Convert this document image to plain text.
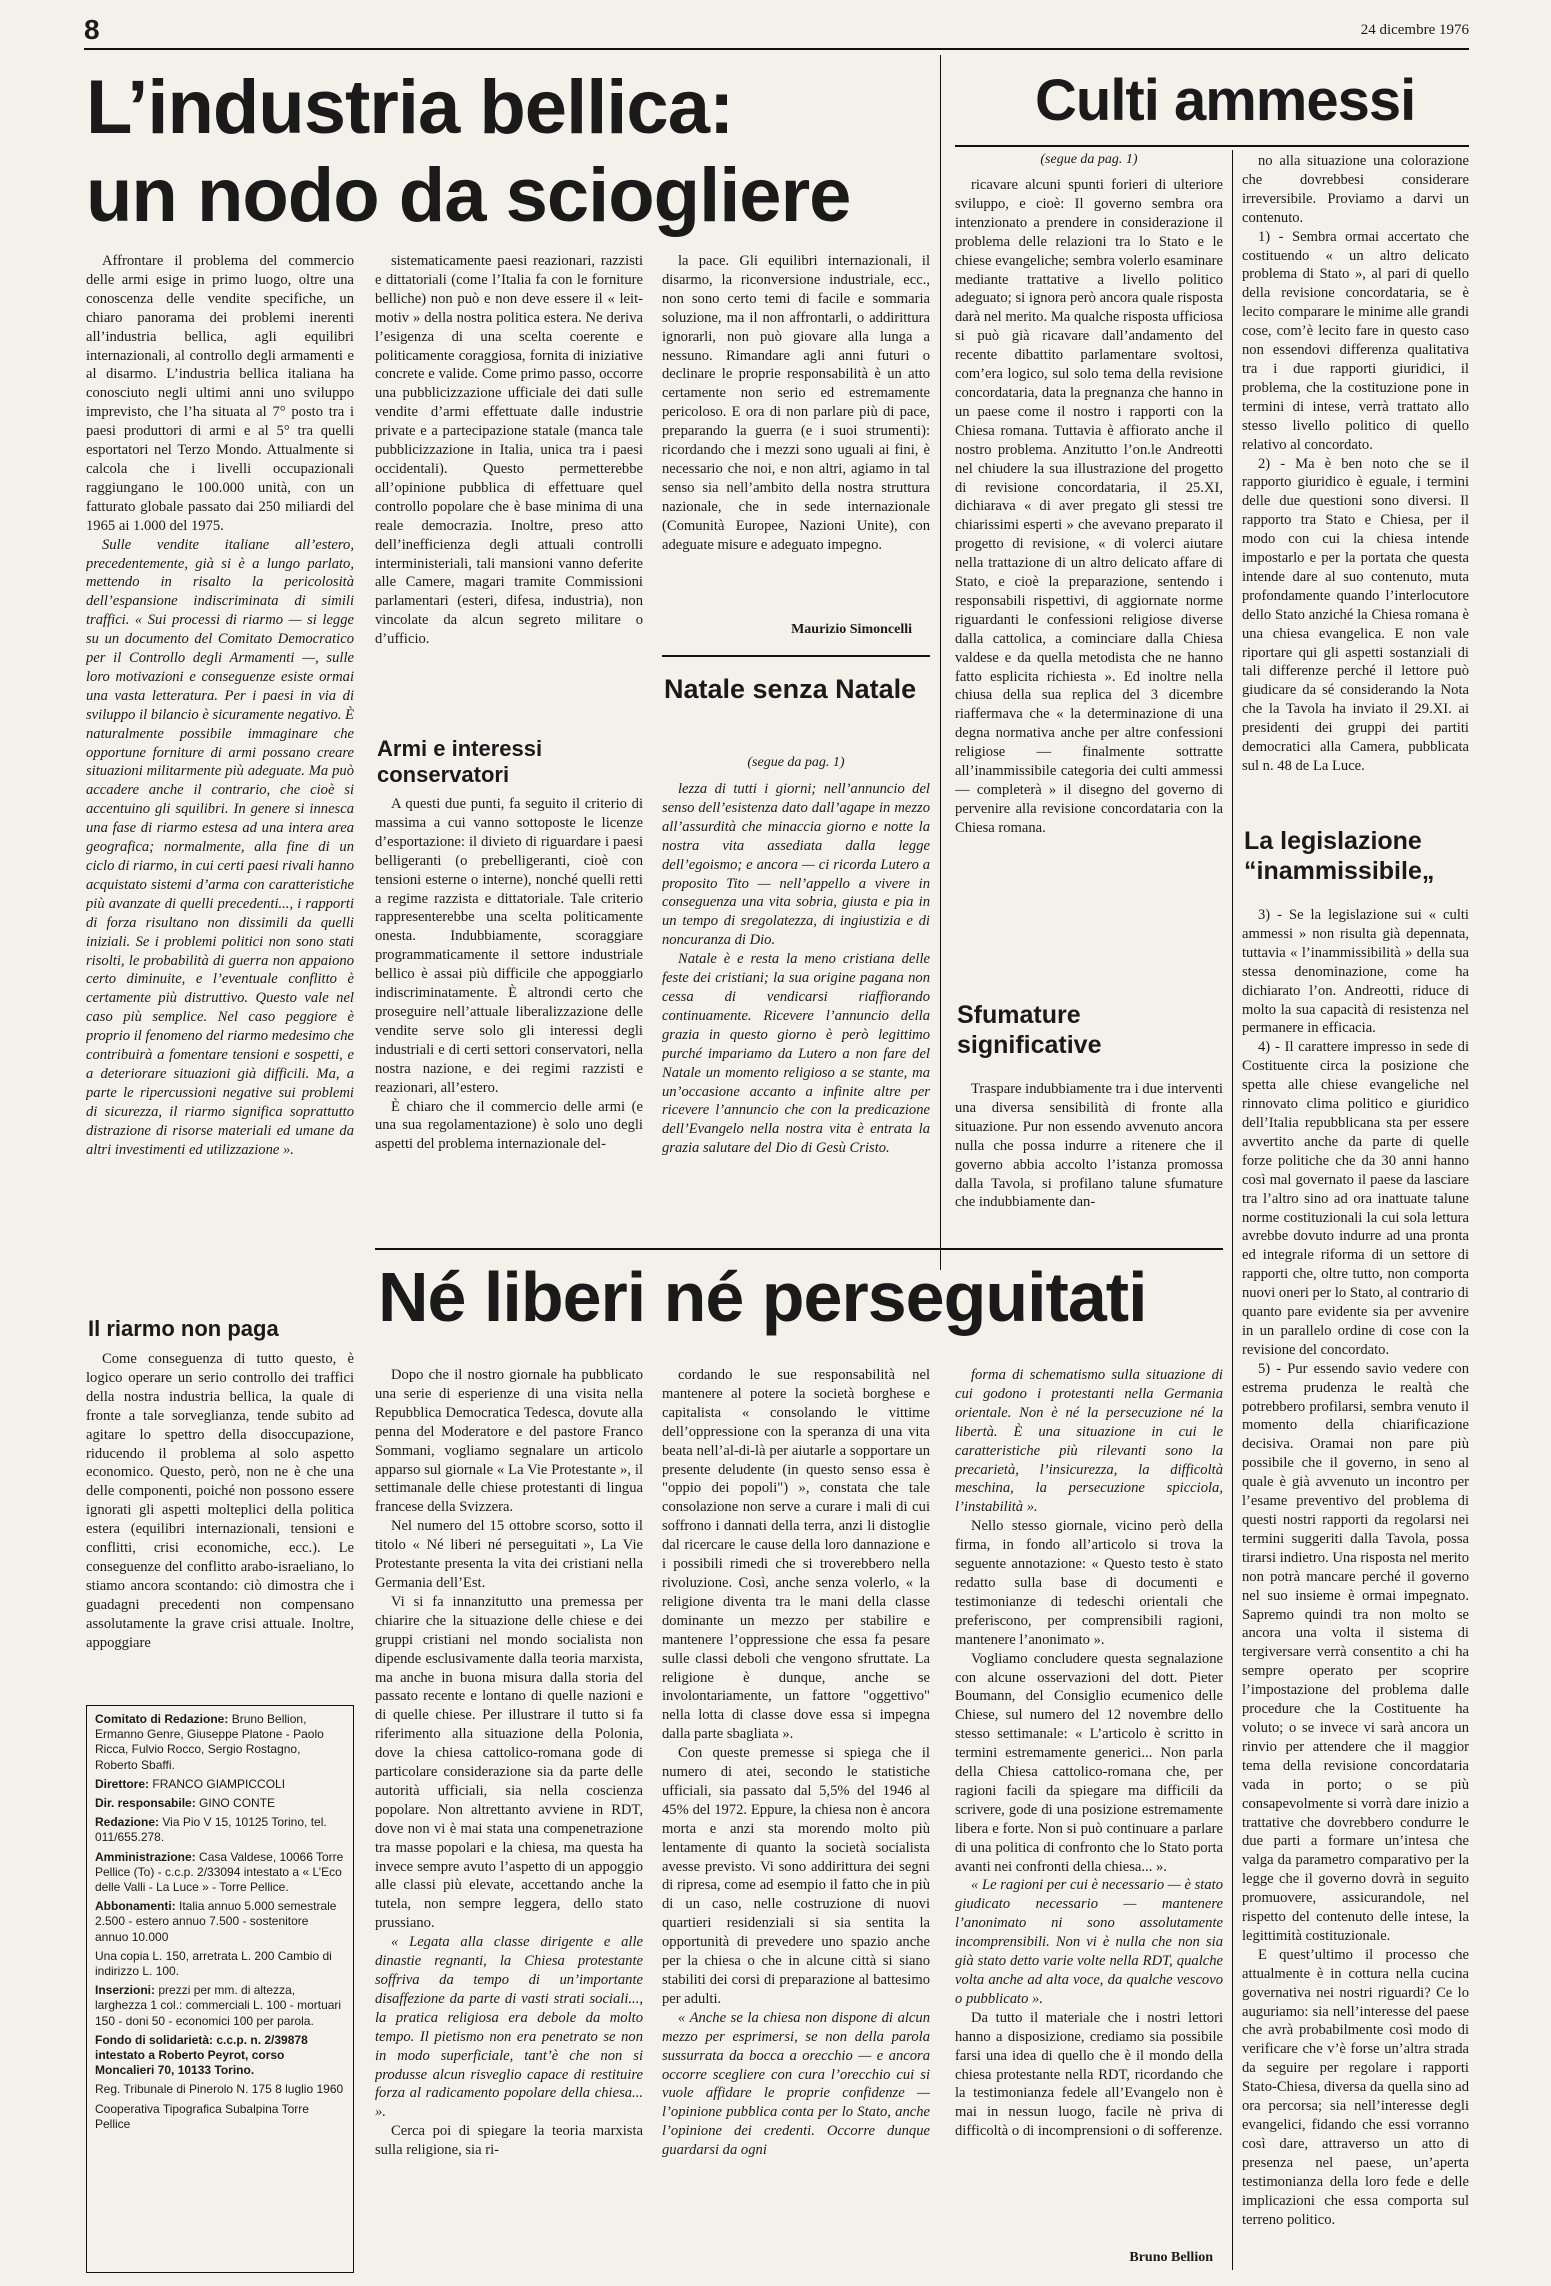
8	24 dicembre 1976
L’industria bellica:
un nodo da sciogliere
Culti ammessi

Affrontare il problema del commercio delle armi esige in primo luogo, oltre una conoscenza delle vendite specifiche, un chiaro panorama dei problemi inerenti all’industria bellica, agli equilibri internazionali, al controllo degli armamenti e al disarmo. L’industria bellica italiana ha conosciuto negli ultimi anni uno sviluppo imprevisto, che l’ha situata al 7° posto tra i paesi produttori di armi e al 5° tra quelli esportatori nel Terzo Mondo. Attualmente si calcola che i livelli occupazionali raggiungano le 100.000 unità, con un fatturato globale passato dai 250 miliardi del 1965 ai 1.000 del 1975.

Sulle vendite italiane all’estero, precedentemente, già si è a lungo parlato, mettendo in risalto la pericolosità dell’espansione indiscriminata di simili traffici. « Sui processi di riarmo — si legge su un documento del Comitato Democratico per il Controllo degli Armamenti —, sulle loro motivazioni e conseguenze esiste ormai una vasta letteratura. Per i paesi in via di sviluppo il bilancio è sicuramente negativo. È naturalmente possibile immaginare che opportune forniture di armi possano creare situazioni militarmente più adeguate. Ma può accadere anche il contrario, che cioè si accentuino gli squilibri. In genere si innesca una fase di riarmo estesa ad una intera area geografica; normalmente, alla fine di un ciclo di riarmo, in cui certi paesi rivali hanno acquistato sistemi d’arma con caratteristiche più avanzate di quelli precedenti..., i rapporti di forza risultano non dissimili da quelli iniziali. Se i problemi politici non sono stati risolti, le probabilità di guerra non appaiono certo diminuite, e l’eventuale conflitto è certamente più distruttivo. Questo vale nel caso più semplice. Nel caso peggiore è proprio il fenomeno del riarmo medesimo che contribuirà a fomentare tensioni e sospetti, e a deteriorare situazioni già difficili. Ma, a parte le ripercussioni negative sui problemi di sicurezza, il riarmo significa soprattutto distrazione di risorse materiali ed umane da altri investimenti ed utilizzazione ».

Il riarmo non paga

Come conseguenza di tutto questo, è logico operare un serio controllo dei traffici della nostra industria bellica, la quale di fronte a tale sorveglianza, tende subito ad agitare lo spettro della disoccupazione, riducendo il problema al solo aspetto economico. Questo, però, non ne è che una delle componenti, poiché non possono essere ignorati gli aspetti molteplici della politica estera (equilibri internazionali, tensioni e conflitti, crisi economiche, ecc.). Le conseguenze del conflitto arabo-israeliano, lo stiamo ancora scontando: ciò dimostra che i guadagni precedenti non compensano assolutamente la grave crisi attuale. Inoltre, appoggiare

Comitato di Redazione: Bruno Bellion, Ermanno Genre, Giuseppe Platone - Paolo Ricca, Fulvio Rocco, Sergio Rostagno, Roberto Sbaffi.

Direttore: FRANCO GIAMPICCOLI

Dir. responsabile: GINO CONTE

Redazione: Via Pio V 15, 10125 Torino, tel. 011/655.278.

Amministrazione: Casa Valdese, 10066 Torre Pellice (To) - c.c.p. 2/33094 intestato a « L’Eco delle Valli - La Luce » - Torre Pellice.

Abbonamenti: Italia annuo 5.000 semestrale 2.500 - estero annuo 7.500 - sostenitore annuo 10.000

Una copia L. 150, arretrata L. 200 Cambio di indirizzo L. 100.

Inserzioni: prezzi per mm. di altezza, larghezza 1 col.: commerciali L. 100 - mortuari 150 - doni 50 - economici 100 per parola.

Fondo di solidarietà: c.c.p. n. 2/39878 intestato a Roberto Peyrot, corso Moncalieri 70, 10133 Torino.

Reg. Tribunale di Pinerolo N. 175 8 luglio 1960

Cooperativa Tipografica Subalpina Torre Pellice

sistematicamente paesi reazionari, razzisti e dittatoriali (come l’Italia fa con le forniture belliche) non può e non deve essere il « leit-motiv » della nostra politica estera. Ne deriva l’esigenza di una scelta coerente e politicamente coraggiosa, fornita di iniziative concrete e valide. Come primo passo, occorre una pubblicizzazione ufficiale dei dati sulle vendite d’armi effettuate dalle industrie private e a partecipazione statale (manca tale pubblicizzazione in Italia, unica tra i paesi occidentali). Questo permetterebbe all’opinione pubblica di effettuare quel controllo popolare che è base minima di una reale democrazia. Inoltre, preso atto dell’inefficienza degli attuali controlli interministeriali, tali mansioni vanno deferite alle Camere, magari tramite Commissioni parlamentari (esteri, difesa, industria), non vincolate da alcun segreto militare o d’ufficio.

Armi e interessi conservatori

A questi due punti, fa seguito il criterio di massima a cui vanno sottoposte le licenze d’esportazione: il divieto di riguardare i paesi belligeranti (o prebelligeranti, cioè con tensioni esterne o interne), nonché quelli retti a regime razzista e dittatoriale. Tale criterio rappresenterebbe una scelta politicamente onesta. Indubbiamente, scoraggiare programmaticamente il settore industriale bellico è assai più difficile che appoggiarlo indiscriminatamente. È altrondi certo che proseguire nell’attuale liberalizzazione delle vendite serve solo gli interessi degli industriali e di certi settori conservatori, nella nostra nazione, e dei regimi razzisti e reazionari, all’estero.

È chiaro che il commercio delle armi (e una sua regolamentazione) è solo uno degli aspetti del problema internazionale del-

la pace. Gli equilibri internazionali, il disarmo, la riconversione industriale, ecc., non sono certo temi di facile e sommaria soluzione, ma il non affrontarli, o addirittura ignorarli, non può giovare alla lunga a nessuno. Rimandare agli anni futuri o declinare le proprie responsabilità è un atto certamente non serio ed estremamente pericoloso. E ora di non parlare più di pace, preparando la guerra (e i suoi strumenti): ricordando che i mezzi sono uguali ai fini, è necessario che noi, e non altri, agiamo in tal senso sia nell’ambito della nostra struttura nazionale, che in sede internazionale (Comunità Europee, Nazioni Unite), con adeguate misure e adeguato impegno.

Maurizio Simoncelli
Natale senza Natale
(segue da pag. 1)

lezza di tutti i giorni; nell’annuncio del senso dell’esistenza dato dall’agape in mezzo all’assurdità che minaccia giorno e notte la nostra vita assediata dalla legge dell’egoismo; e ancora — ci ricorda Lutero a proposito Tito — nell’appello a vivere in conseguenza una vita sobria, giusta e pia in un tempo di sregolatezza, di ingiustizia e di noncuranza di Dio.

Natale è e resta la meno cristiana delle feste dei cristiani; la sua origine pagana non cessa di vendicarsi riaffiorando continuamente. Ricevere l’annuncio della grazia in questo giorno è però legittimo purché impariamo da Lutero a non fare del Natale un momento religioso a se stante, ma un’occasione accanto a infinite altre per ricevere l’annuncio che con la predicazione dell’Evangelo nella nostra vita è entrata la grazia salutare del Dio di Gesù Cristo.

(segue da pag. 1)

ricavare alcuni spunti forieri di ulteriore sviluppo, e cioè: Il governo sembra ora intenzionato a prendere in considerazione il problema delle relazioni tra lo Stato e le chiese evangeliche; sembra volerlo esaminare mediante trattative a livello politico adeguato; si ignora però ancora quale risposta darà nel merito. Ma qualche risposta ufficiosa si può già ricavare dall’andamento del recente dibattito parlamentare svoltosi, com’era logico, sul solo tema della revisione concordataria, data la pregnanza che hanno in un paese come il nostro i rapporti con la Chiesa romana. Tuttavia è affiorato anche il nostro problema. Anzitutto l’on.le Andreotti nel chiudere la sua illustrazione del progetto di revisione concordataria, il 25.XI, dichiarava « di aver pregato gli stessi tre chiarissimi esperti » che avevano preparato il progetto di revisione, « di volerci aiutare nella trattazione di un altro delicato affare di Stato, e cioè la preparazione, sentendo i responsabili rispettivi, di aggiornate norme riguardanti le confessioni religiose diverse dalla cattolica, a cominciare dalla Chiesa valdese e da quella metodista che ne hanno fatto esplicita richiesta ». Ed inoltre nella chiusa della sua replica del 3 dicembre riaffermava che « la determinazione di una degna normativa anche per altre confessioni religiose — finalmente sottratte all’inammissibile categoria dei culti ammessi — completerà » il disegno del governo di pervenire alla revisione concordataria con la Chiesa romana.

Sfumature significative

Traspare indubbiamente tra i due interventi una diversa sensibilità di fronte alla situazione. Pur non essendo avvenuto ancora nulla che possa indurre a ritenere che il governo abbia accolto l’istanza promossa dalla Tavola, si profilano talune sfumature che indubbiamente dan-

no alla situazione una colorazione che dovrebbesi considerare irreversibile. Proviamo a darvi un contenuto.

1) - Sembra ormai accertato che costituendo « un altro delicato problema di Stato », al pari di quello della revisione concordataria, se è lecito comparare le minime alle grandi cose, com’è lecito fare in questo caso non essendovi differenza qualitativa tra i due rapporti giuridici, il problema, che la costituzione pone in termini di intese, verrà trattato allo stesso livello politico di quello relativo al concordato.

2) - Ma è ben noto che se il rapporto giuridico è eguale, i termini delle due questioni sono diversi. Il rapporto tra Stato e Chiesa, per il modo con cui la chiesa intende impostarlo e per la portata che questa intende dare al suo contenuto, muta profondamente quando l’interlocutore dello Stato anziché la Chiesa romana è una chiesa evangelica. E non vale riportare qui gli aspetti sostanziali di tali differenze perché il lettore può giudicare da sé considerando la Nota che la Tavola ha inviato il 29.XI. ai presidenti dei gruppi dei partiti democratici alla Camera, pubblicata sul n. 48 de La Luce.

La legislazione “inammissibile„

3) - Se la legislazione sui « culti ammessi » non risulta già depennata, tuttavia « l’inammissibilità » della sua stessa denominazione, come ha dichiarato l’on. Andreotti, riduce di molto la sua capacità di resistenza nel permanere in efficacia.

4) - Il carattere impresso in sede di Costituente circa la posizione che spetta alle chiese evangeliche nel rinnovato clima politico e giuridico dell’Italia repubblicana sta per essere avvertito anche da parte di quelle forze politiche che da 30 anni hanno così mal governato il paese da lasciare tra l’altro sino ad ora inattuate talune norme costituzionali la cui sola lettura avrebbe dovuto indurre ad una pronta ed integrale riforma di un settore di rapporti che, oltre tutto, non comporta nuovi oneri per lo Stato, al contrario di quanto pare evidente sia per avvenire in un parallelo ordine di cose con la revisione del concordato.

5) - Pur essendo savio vedere con estrema prudenza le realtà che potrebbero profilarsi, sembra venuto il momento della chiarificazione decisiva. Oramai non pare più possibile che il governo, in seno al quale è già avvenuto un incontro per l’esame preventivo del problema di questi nostri rapporti da regolarsi nei termini suggeriti dalla Tavola, possa tirarsi indietro. Una risposta nel merito non potrà mancare perché il governo nel suo insieme è ormai impegnato. Sapremo quindi tra non molto se ancora una volta il sistema di tergiversare verrà consentito a chi ha sempre operato per scoprire l’impostazione del problema dalle procedure che la Costituente ha voluto; o se invece vi sarà ancora un rinvio per attendere che il maggior tema della revisione concordataria vada in porto; o se più consapevolmente si vorrà dare inizio a trattative che dovrebbero condurre le due parti a formare un’intesa che valga da parametro comparativo per la legge che il governo dovrà in seguito promuovere, assicurandole, nel rispetto del contenuto delle intese, la legittimità costituzionale.

E quest’ultimo il processo che attualmente è in cottura nella cucina governativa nei nostri riguardi? Ce lo auguriamo: sia nell’interesse del paese che avrà probabilmente così modo di verificare che v’è forse un’altra strada da seguire per regolare i rapporti Stato-Chiesa, diversa da quella sino ad ora percorsa; sia nell’interesse degli evangelici, fidando che essi vorranno così dare, attraverso un atto di presenza nel paese, un’aperta testimonianza della loro fede e delle implicazioni che essa comporta sul terreno politico.

Né liberi né perseguitati

Dopo che il nostro giornale ha pubblicato una serie di esperienze di una visita nella Repubblica Democratica Tedesca, dovute alla penna del Moderatore e del pastore Franco Sommani, vogliamo segnalare un articolo apparso sul giornale « La Vie Protestante », il settimanale delle chiese protestanti di lingua francese della Svizzera.

Nel numero del 15 ottobre scorso, sotto il titolo « Né liberi né perseguitati », La Vie Protestante presenta la vita dei cristiani nella Germania dell’Est.

Vi si fa innanzitutto una premessa per chiarire che la situazione delle chiese e dei gruppi cristiani nel mondo socialista non dipende esclusivamente dalla teoria marxista, ma anche in buona misura dalla storia del passato recente e lontano di quelle nazioni e di quelle chiese. Per illustrare il tutto si fa riferimento alla situazione della Polonia, dove la chiesa cattolico-romana gode di particolare considerazione sia da parte delle autorità ufficiali, sia nella coscienza popolare. Non altrettanto avviene in RDT, dove non vi è mai stata una compenetrazione tra masse popolari e la chiesa, ma questa ha invece sempre avuto l’aspetto di un appoggio alle classi più elevate, accettando anche la tutela, non sempre leggera, dello stato prussiano.

« Legata alla classe dirigente e alle dinastie regnanti, la Chiesa protestante soffriva da tempo di un’importante disaffezione da parte di vasti strati sociali..., la pratica religiosa era debole da molto tempo. Il pietismo non era penetrato se non in modo superficiale, tant’è che non si produsse alcun risveglio capace di restituire forza al radicamento popolare della chiesa... ».

Cerca poi di spiegare la teoria marxista sulla religione, sia ri-

cordando le sue responsabilità nel mantenere al potere la società borghese e capitalista « consolando le vittime dell’oppressione con la speranza di una vita beata nell’al-di-là per aiutarle a sopportare un presente deludente (in questo senso essa è "oppio dei popoli") », constata che tale consolazione non serve a curare i mali di cui soffrono i dannati della terra, anzi li distoglie dal ricercare le cause della loro dannazione e i possibili rimedi che si troverebbero nella rivoluzione. Così, anche senza volerlo, « la religione diventa tra le mani della classe dominante un mezzo per stabilire e mantenere l’oppressione che essa fa pesare sulle classi deboli che vengono sfruttate. La religione è dunque, anche se involontariamente, un fattore "oggettivo" nella lotta di classe dove essa si impegna dalla parte sbagliata ».

Con queste premesse si spiega che il numero di atei, secondo le statistiche ufficiali, sia passato dal 5,5% del 1946 al 45% del 1972. Eppure, la chiesa non è ancora morta e anzi sta morendo molto più lentamente di quanto la società socialista avesse previsto. Vi sono addirittura dei segni di ripresa, come ad esempio il fatto che in più di un caso, nelle costruzione di nuovi quartieri residenziali si sia sentita la opportunità di prevedere uno spazio anche per la chiesa o che in alcune città si siano stabiliti dei corsi di preparazione al battesimo per adulti.

« Anche se la chiesa non dispone di alcun mezzo per esprimersi, se non della parola sussurrata da bocca a orecchio — e ancora occorre scegliere con cura l’orecchio cui si vuole affidare le proprie confidenze — l’opinione pubblica conta per lo Stato, anche l’opinione dei credenti. Occorre dunque guardarsi da ogni

forma di schematismo sulla situazione di cui godono i protestanti nella Germania orientale. Non è né la persecuzione né la libertà. È una situazione in cui le caratteristiche più rilevanti sono la precarietà, l’insicurezza, la difficoltà meschina, la persecuzione spicciola, l’instabilità ».

Nello stesso giornale, vicino però della firma, in fondo all’articolo si trova la seguente annotazione: « Questo testo è stato redatto sulla base di documenti e testimonianze di tedeschi orientali che preferiscono, per comprensibili ragioni, mantenere l’anonimato ».

Vogliamo concludere questa segnalazione con alcune osservazioni del dott. Pieter Boumann, del Consiglio ecumenico delle Chiese, sul numero del 12 novembre dello stesso settimanale: « L’articolo è scritto in termini estremamente generici... Non parla della Chiesa cattolico-romana che, per ragioni facili da spiegare ma difficili da scrivere, gode di una posizione estremamente libera e forte. Non si può continuare a parlare di una politica di confronto che lo Stato porta avanti nei confronti della chiesa... ».

« Le ragioni per cui è necessario — è stato giudicato necessario — mantenere l’anonimato ni sono assolutamente incomprensibili. Non vi è nulla che non sia già stato detto varie volte nella RDT, qualche volta anche ad alta voce, da qualche vescovo o pubblicato ».

Da tutto il materiale che i nostri lettori hanno a disposizione, crediamo sia possibile farsi una idea di quello che è il mondo della chiesa protestante nella RDT, ricordando che la testimonianza fedele all’Evangelo non è mai in nessun luogo, facile nè priva di difficoltà o di incomprensioni o di sofferenze.

Bruno Bellion
